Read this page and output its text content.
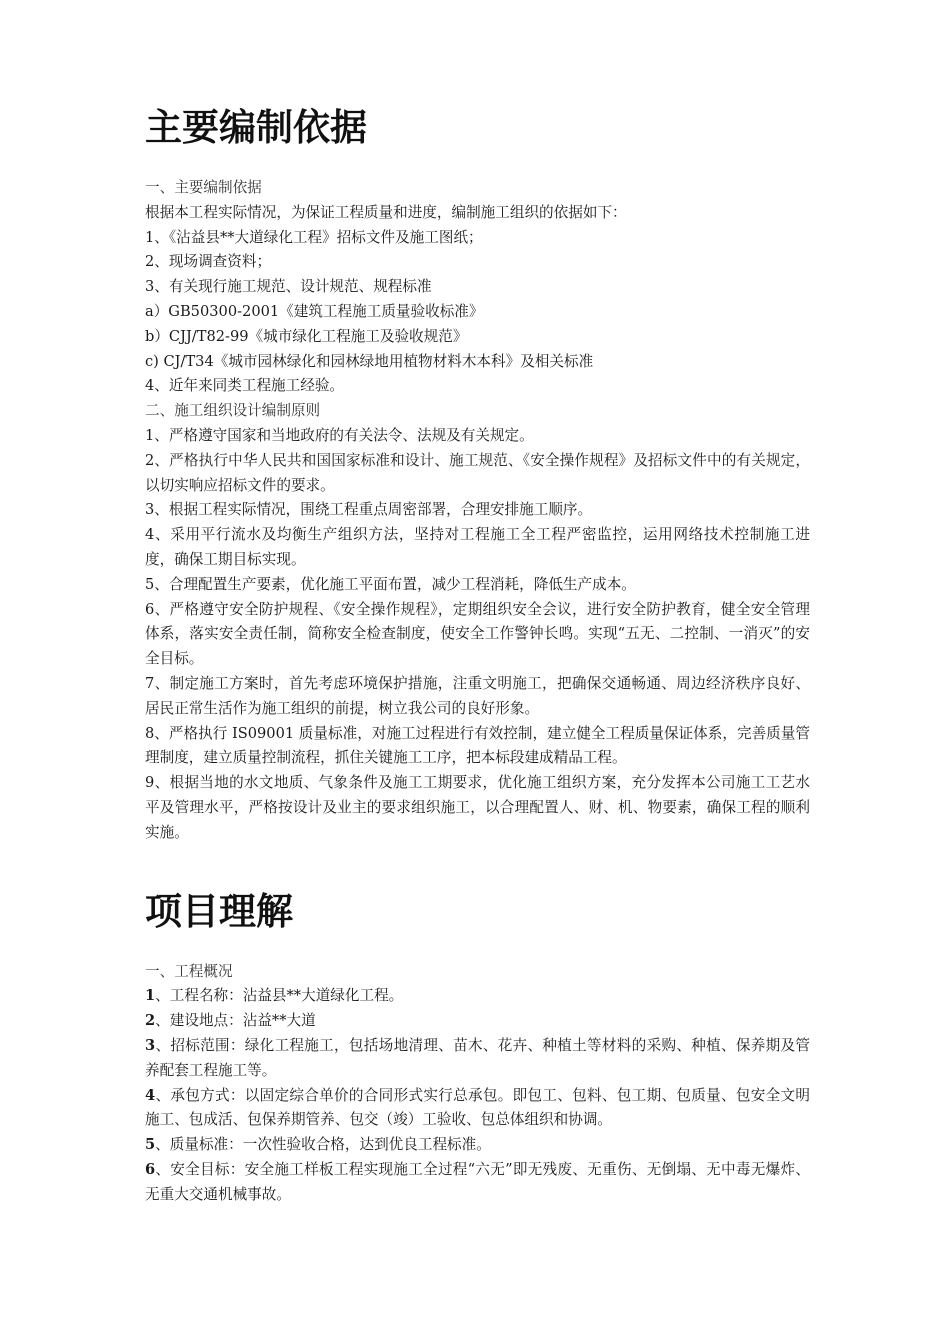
主要编制依据

一、主要编制依据

根据本工程实际情况，为保证工程质量和进度，编制施工组织的依据如下：

1、《沾益县**大道绿化工程》招标文件及施工图纸；

2、现场调查资料；

3、有关现行施工规范、设计规范、规程标准

a）GB50300-2001《建筑工程施工质量验收标准》

b）CJJ/T82-99《城市绿化工程施工及验收规范》

c) CJ/T34《城市园林绿化和园林绿地用植物材料木本科》及相关标准

4、近年来同类工程施工经验。

二、施工组织设计编制原则

1、严格遵守国家和当地政府的有关法令、法规及有关规定。

2、严格执行中华人民共和国国家标准和设计、施工规范、《安全操作规程》及招标文件中的有关规定，以切实响应招标文件的要求。

3、根据工程实际情况，围绕工程重点周密部署，合理安排施工顺序。

4、采用平行流水及均衡生产组织方法，坚持对工程施工全工程严密监控，运用网络技术控制施工进度，确保工期目标实现。

5、合理配置生产要素，优化施工平面布置，减少工程消耗，降低生产成本。

6、严格遵守安全防护规程、《安全操作规程》，定期组织安全会议，进行安全防护教育，健全安全管理体系，落实安全责任制，简称安全检查制度，使安全工作警钟长鸣。实现“五无、二控制、一消灭”的安全目标。

7、制定施工方案时，首先考虑环境保护措施，注重文明施工，把确保交通畅通、周边经济秩序良好、居民正常生活作为施工组织的前提，树立我公司的良好形象。

8、严格执行 IS09001 质量标准，对施工过程进行有效控制，建立健全工程质量保证体系，完善质量管理制度，建立质量控制流程，抓住关键施工工序，把本标段建成精品工程。

9、根据当地的水文地质、气象条件及施工工期要求，优化施工组织方案，充分发挥本公司施工工艺水平及管理水平，严格按设计及业主的要求组织施工，以合理配置人、财、机、物要素，确保工程的顺利实施。

项目理解

一、工程概况

1、工程名称：沾益县**大道绿化工程。

2、建设地点：沾益**大道

3、招标范围：绿化工程施工，包括场地清理、苗木、花卉、种植土等材料的采购、种植、保养期及管养配套工程施工等。

4、承包方式：以固定综合单价的合同形式实行总承包。即包工、包料、包工期、包质量、包安全文明施工、包成活、包保养期管养、包交（竣）工验收、包总体组织和协调。

5、质量标准：一次性验收合格，达到优良工程标准。

6、安全目标：安全施工样板工程实现施工全过程“六无”即无残废、无重伤、无倒塌、无中毒无爆炸、无重大交通机械事故。
